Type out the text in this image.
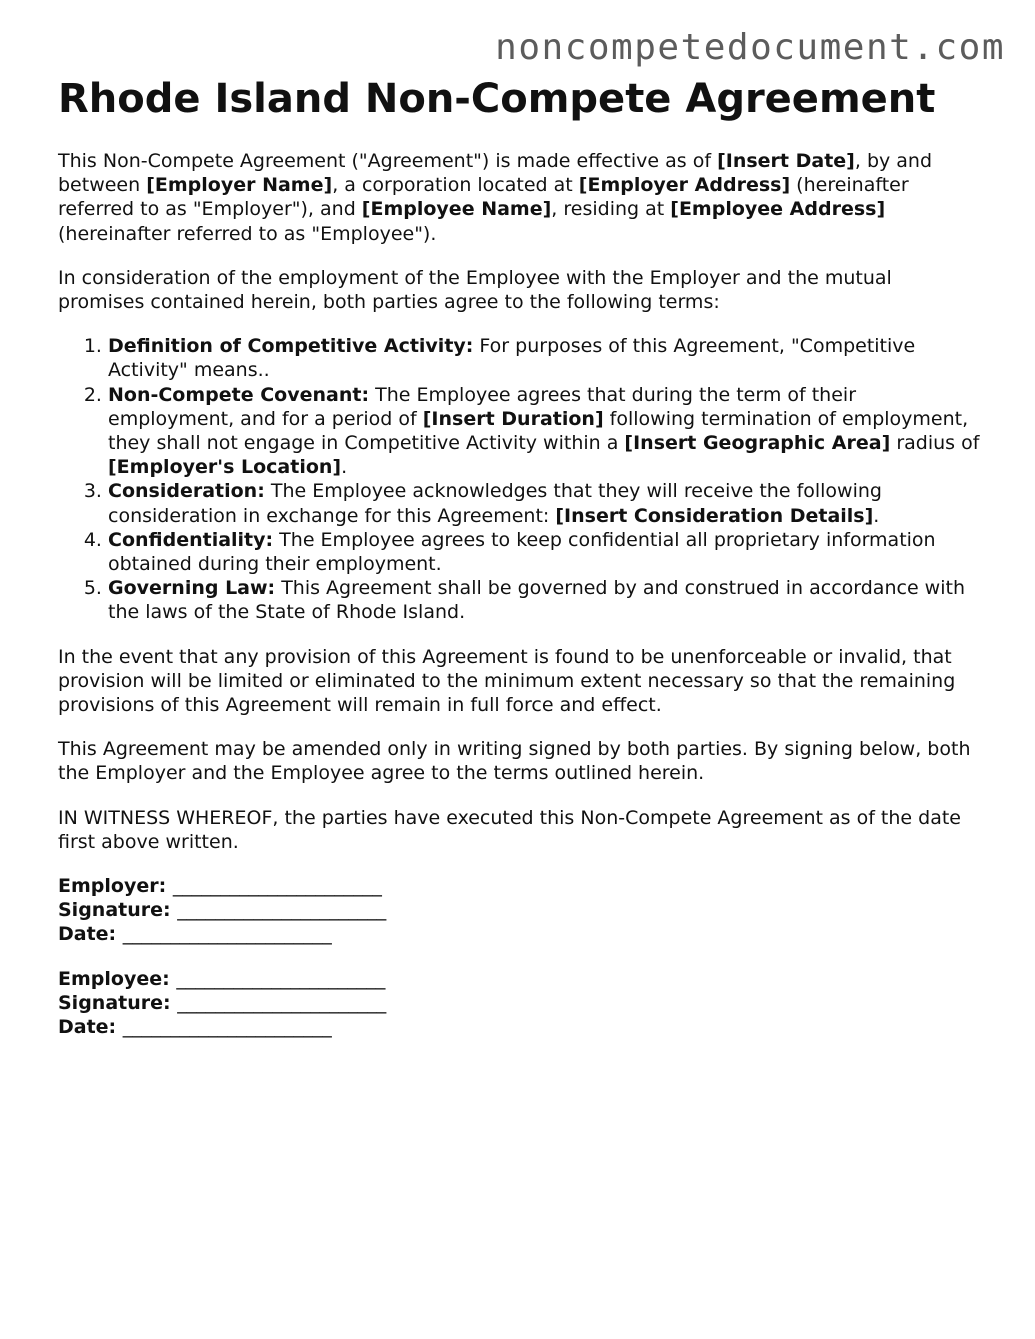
noncompetedocument.com
Rhode Island Non-Compete Agreement

This Non-Compete Agreement ("Agreement") is made effective as of [Insert Date], by and between [Employer Name], a corporation located at [Employer Address] (hereinafter referred to as "Employer"), and [Employee Name], residing at [Employee Address] (hereinafter referred to as "Employee").

In consideration of the employment of the Employee with the Employer and the mutual promises contained herein, both parties agree to the following terms:

1. Definition of Competitive Activity: For purposes of this Agreement, "Competitive Activity" means..
2. Non-Compete Covenant: The Employee agrees that during the term of their employment, and for a period of [Insert Duration] following termination of employment, they shall not engage in Competitive Activity within a [Insert Geographic Area] radius of [Employer's Location].
3. Consideration: The Employee acknowledges that they will receive the following consideration in exchange for this Agreement: [Insert Consideration Details].
4. Confidentiality: The Employee agrees to keep confidential all proprietary information obtained during their employment.
5. Governing Law: This Agreement shall be governed by and construed in accordance with the laws of the State of Rhode Island.

In the event that any provision of this Agreement is found to be unenforceable or invalid, that provision will be limited or eliminated to the minimum extent necessary so that the remaining provisions of this Agreement will remain in full force and effect.

This Agreement may be amended only in writing signed by both parties. By signing below, both the Employer and the Employee agree to the terms outlined herein.

IN WITNESS WHEREOF, the parties have executed this Non-Compete Agreement as of the date first above written.

Employer: ______________________
Signature: ______________________
Date: ______________________
Employee: ______________________
Signature: ______________________
Date: ______________________
